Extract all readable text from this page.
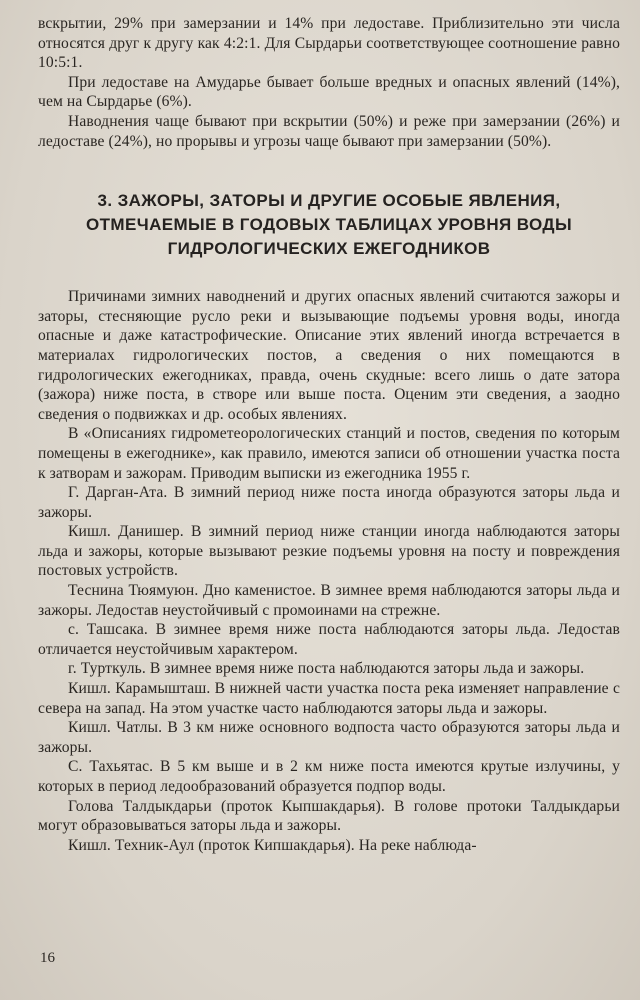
вскрытии, 29% при замерзании и 14% при ледоставе. Приблизительно эти числа относятся друг к другу как 4:2:1. Для Сырдарьи соответствующее соотношение равно 10:5:1.

При ледоставе на Амударье бывает больше вредных и опасных явлений (14%), чем на Сырдарье (6%).

Наводнения чаще бывают при вскрытии (50%) и реже при замерзании (26%) и ледоставе (24%), но прорывы и угрозы чаще бывают при замерзании (50%).

3. ЗАЖОРЫ, ЗАТОРЫ И ДРУГИЕ ОСОБЫЕ ЯВЛЕНИЯ,
ОТМЕЧАЕМЫЕ В ГОДОВЫХ ТАБЛИЦАХ УРОВНЯ ВОДЫ
ГИДРОЛОГИЧЕСКИХ ЕЖЕГОДНИКОВ

Причинами зимних наводнений и других опасных явлений считаются зажоры и заторы, стесняющие русло реки и вызывающие подъемы уровня воды, иногда опасные и даже катастрофические. Описание этих явлений иногда встречается в материалах гидрологических постов, а сведения о них помещаются в гидрологических ежегодниках, правда, очень скудные: всего лишь о дате затора (зажора) ниже поста, в створе или выше поста. Оценим эти сведения, а заодно сведения о подвижках и др. особых явлениях.

В «Описаниях гидрометеорологических станций и постов, сведения по которым помещены в ежегоднике», как правило, имеются записи об отношении участка поста к затворам и зажорам. Приводим выписки из ежегодника 1955 г.

Г. Дарган-Ата. В зимний период ниже поста иногда образуются заторы льда и зажоры.

Кишл. Данишер. В зимний период ниже станции иногда наблюдаются заторы льда и зажоры, которые вызывают резкие подъемы уровня на посту и повреждения постовых устройств.

Теснина Тюямуюн. Дно каменистое. В зимнее время наблюдаются заторы льда и зажоры. Ледостав неустойчивый с промоинами на стрежне.

с. Ташсака. В зимнее время ниже поста наблюдаются заторы льда. Ледостав отличается неустойчивым характером.

г. Турткуль. В зимнее время ниже поста наблюдаются заторы льда и зажоры.

Кишл. Карамышташ. В нижней части участка поста река изменяет направление с севера на запад. На этом участке часто наблюдаются заторы льда и зажоры.

Кишл. Чатлы. В 3 км ниже основного водпоста часто образуются заторы льда и зажоры.

С. Тахьятас. В 5 км выше и в 2 км ниже поста имеются крутые излучины, у которых в период ледообразований образуется подпор воды.

Голова Талдыкдарьи (проток Кыпшакдарья). В голове протоки Талдыкдарьи могут образовываться заторы льда и зажоры.

Кишл. Техник-Аул (проток Кипшакдарья). На реке наблюда-

16
